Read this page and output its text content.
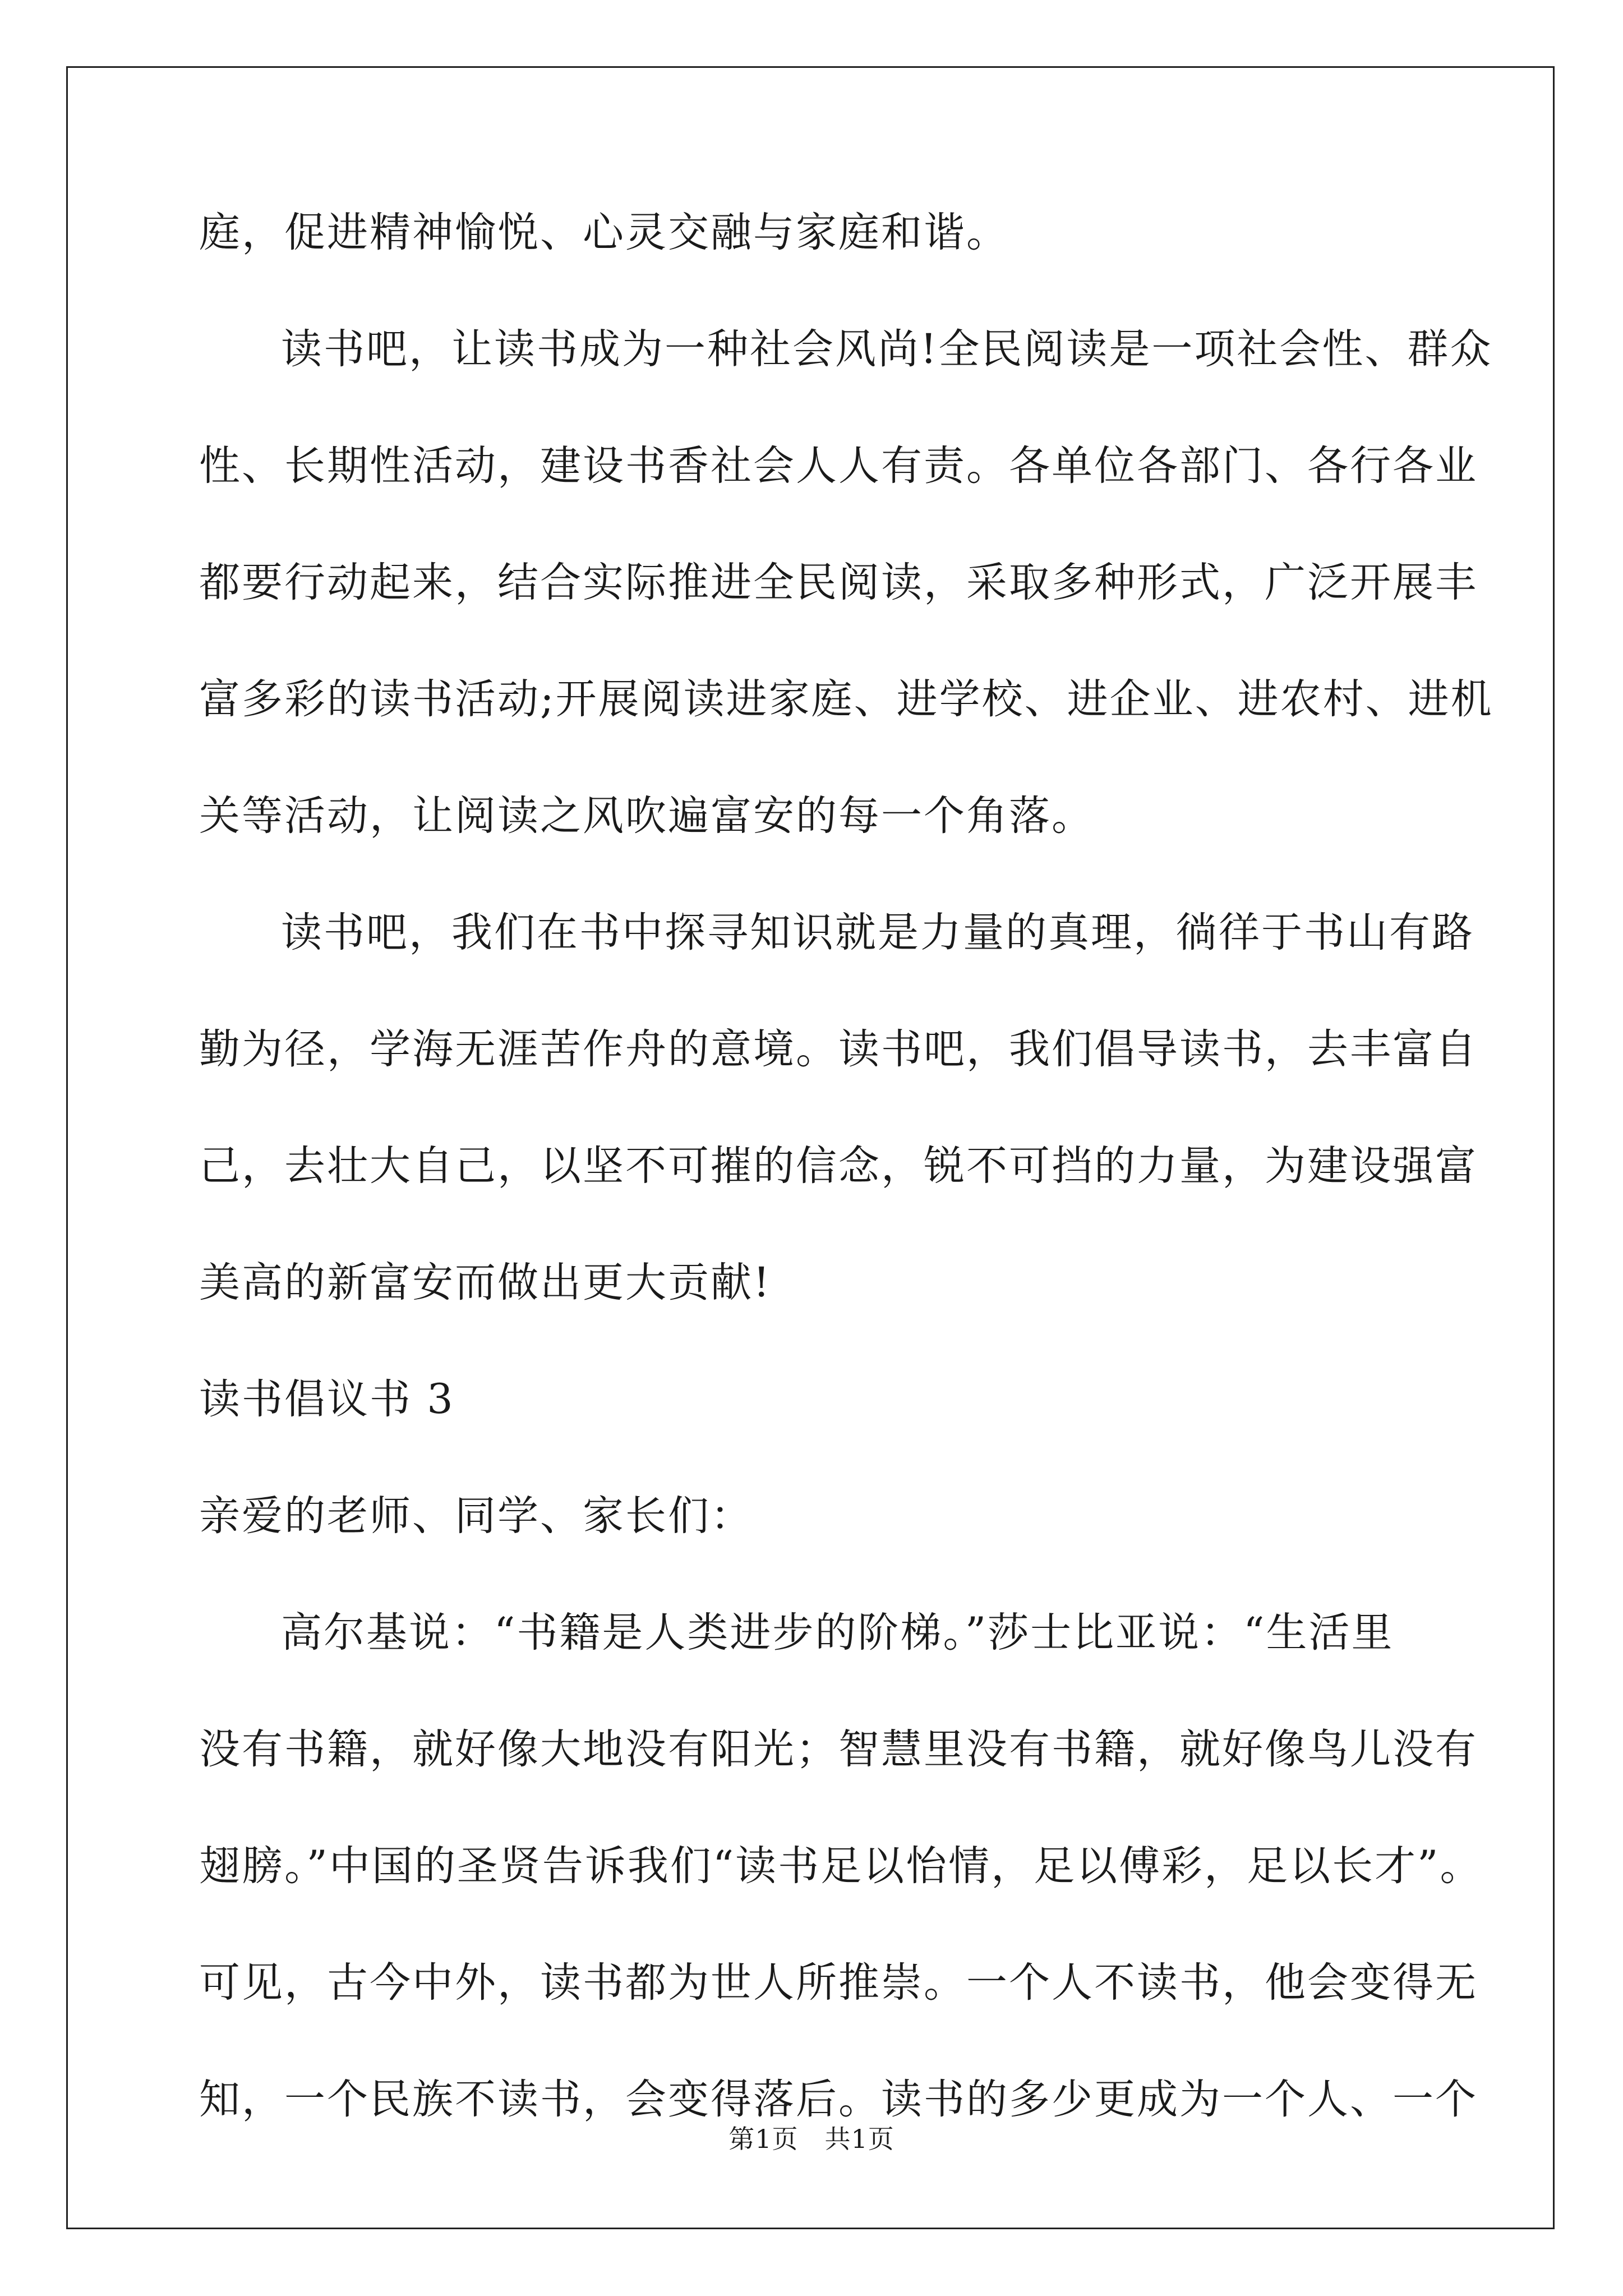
庭，促进精神愉悦、心灵交融与家庭和谐。
读书吧，让读书成为一种社会风尚!全民阅读是一项社会性、群众
性、长期性活动，建设书香社会人人有责。各单位各部门、各行各业
都要行动起来，结合实际推进全民阅读，采取多种形式，广泛开展丰
富多彩的读书活动;开展阅读进家庭、进学校、进企业、进农村、进机
关等活动，让阅读之风吹遍富安的每一个角落。
读书吧，我们在书中探寻知识就是力量的真理，徜徉于书山有路
勤为径，学海无涯苦作舟的意境。读书吧，我们倡导读书，去丰富自
己，去壮大自己，以坚不可摧的信念，锐不可挡的力量，为建设强富
美高的新富安而做出更大贡献!
读书倡议书 3
亲爱的老师、同学、家长们：
高尔基说：“书籍是人类进步的阶梯。”莎士比亚说：“生活里
没有书籍，就好像大地没有阳光；智慧里没有书籍，就好像鸟儿没有
翅膀。”中国的圣贤告诉我们“读书足以怡情，足以傅彩，足以长才”。
可见，古今中外，读书都为世人所推崇。一个人不读书，他会变得无
知，一个民族不读书，会变得落后。读书的多少更成为一个人、一个
第1页　共1页
